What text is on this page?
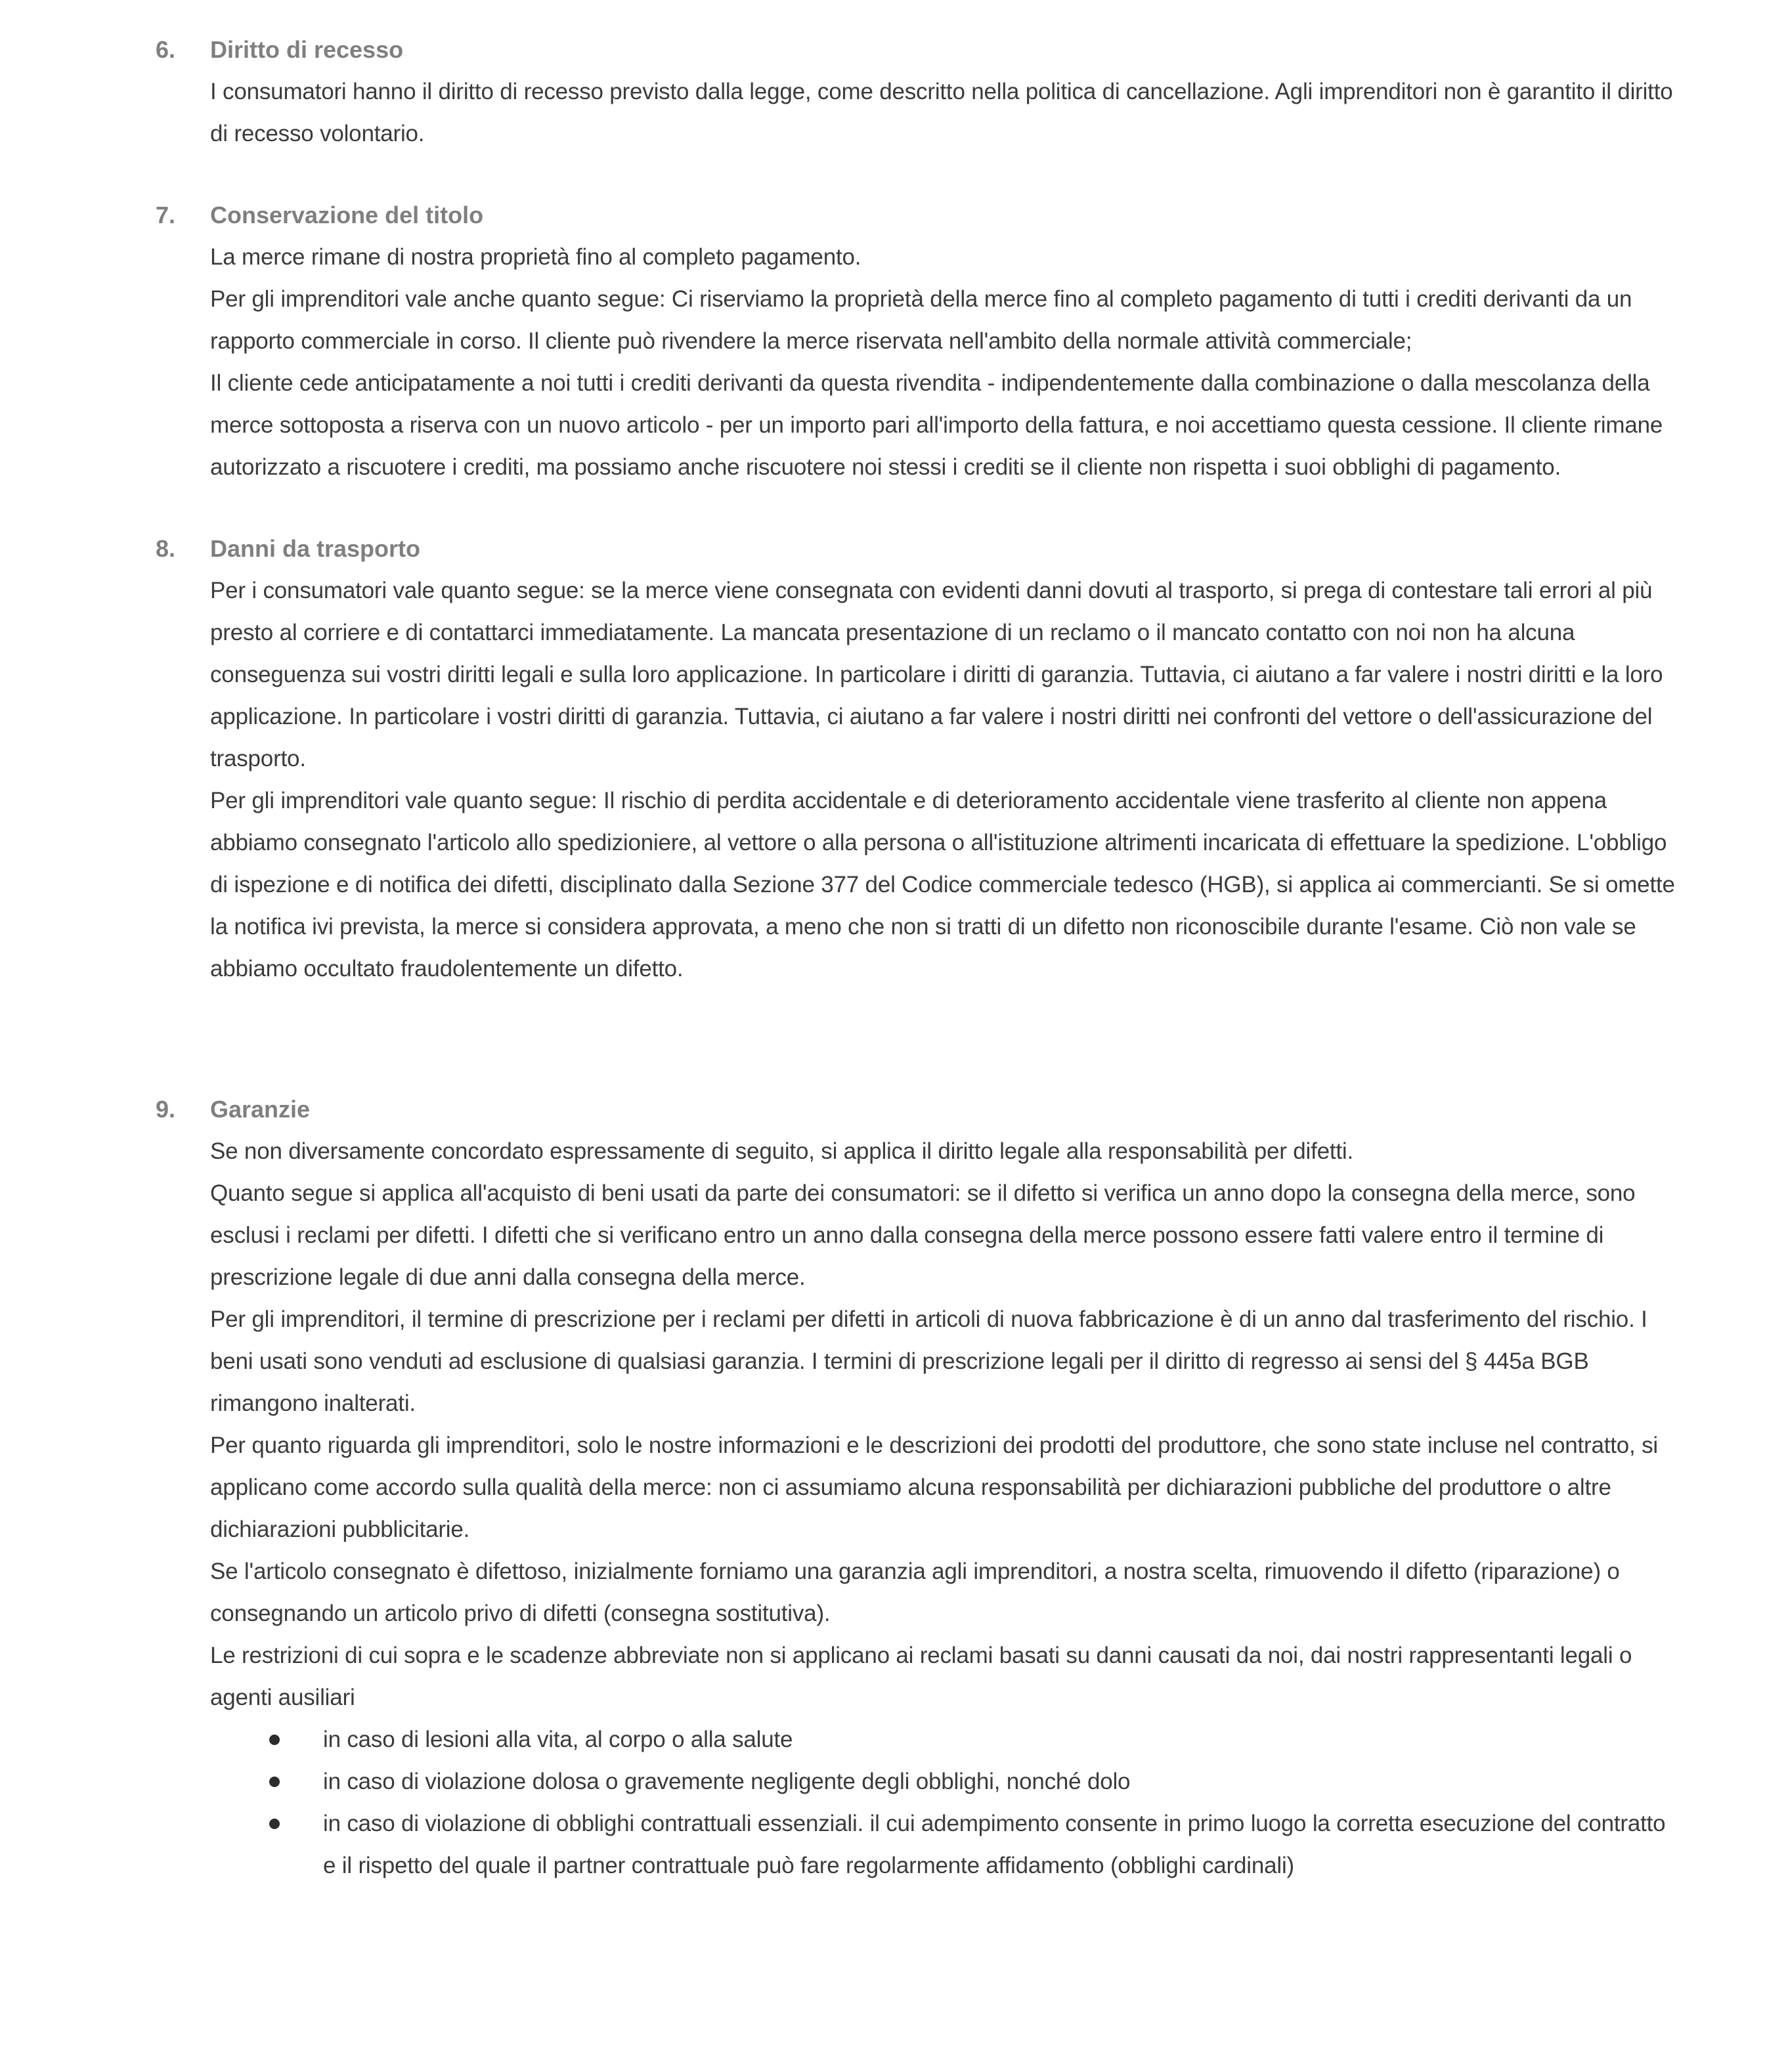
6.	Diritto di recesso

I consumatori hanno il diritto di recesso previsto dalla legge, come descritto nella politica di cancellazione. Agli imprenditori non è garantito il diritto di recesso volontario.

7.	Conservazione del titolo

La merce rimane di nostra proprietà fino al completo pagamento.

Per gli imprenditori vale anche quanto segue: Ci riserviamo la proprietà della merce fino al completo pagamento di tutti i crediti derivanti da un rapporto commerciale in corso. Il cliente può rivendere la merce riservata nell'ambito della normale attività commerciale;

Il cliente cede anticipatamente a noi tutti i crediti derivanti da questa rivendita - indipendentemente dalla combinazione o dalla mescolanza della merce sottoposta a riserva con un nuovo articolo - per un importo pari all'importo della fattura, e noi accettiamo questa cessione. Il cliente rimane autorizzato a riscuotere i crediti, ma possiamo anche riscuotere noi stessi i crediti se il cliente non rispetta i suoi obblighi di pagamento.

8.	Danni da trasporto

Per i consumatori vale quanto segue: se la merce viene consegnata con evidenti danni dovuti al trasporto, si prega di contestare tali errori al più presto al corriere e di contattarci immediatamente. La mancata presentazione di un reclamo o il mancato contatto con noi non ha alcuna conseguenza sui vostri diritti legali e sulla loro applicazione. In particolare i diritti di garanzia. Tuttavia, ci aiutano a far valere i nostri diritti e la loro applicazione. In particolare i vostri diritti di garanzia. Tuttavia, ci aiutano a far valere i nostri diritti nei confronti del vettore o dell'assicurazione del trasporto.

Per gli imprenditori vale quanto segue: Il rischio di perdita accidentale e di deterioramento accidentale viene trasferito al cliente non appena abbiamo consegnato l'articolo allo spedizioniere, al vettore o alla persona o all'istituzione altrimenti incaricata di effettuare la spedizione. L'obbligo di ispezione e di notifica dei difetti, disciplinato dalla Sezione 377 del Codice commerciale tedesco (HGB), si applica ai commercianti. Se si omette la notifica ivi prevista, la merce si considera approvata, a meno che non si tratti di un difetto non riconoscibile durante l'esame. Ciò non vale se abbiamo occultato fraudolentemente un difetto.

9.	Garanzie

Se non diversamente concordato espressamente di seguito, si applica il diritto legale alla responsabilità per difetti.

Quanto segue si applica all'acquisto di beni usati da parte dei consumatori: se il difetto si verifica un anno dopo la consegna della merce, sono esclusi i reclami per difetti. I difetti che si verificano entro un anno dalla consegna della merce possono essere fatti valere entro il termine di prescrizione legale di due anni dalla consegna della merce.

Per gli imprenditori, il termine di prescrizione per i reclami per difetti in articoli di nuova fabbricazione è di un anno dal trasferimento del rischio. I beni usati sono venduti ad esclusione di qualsiasi garanzia. I termini di prescrizione legali per il diritto di regresso ai sensi del § 445a BGB rimangono inalterati.

Per quanto riguarda gli imprenditori, solo le nostre informazioni e le descrizioni dei prodotti del produttore, che sono state incluse nel contratto, si applicano come accordo sulla qualità della merce: non ci assumiamo alcuna responsabilità per dichiarazioni pubbliche del produttore o altre dichiarazioni pubblicitarie.

Se l'articolo consegnato è difettoso, inizialmente forniamo una garanzia agli imprenditori, a nostra scelta, rimuovendo il difetto (riparazione) o consegnando un articolo privo di difetti (consegna sostitutiva).

Le restrizioni di cui sopra e le scadenze abbreviate non si applicano ai reclami basati su danni causati da noi, dai nostri rappresentanti legali o agenti ausiliari

in caso di lesioni alla vita, al corpo o alla salute
in caso di violazione dolosa o gravemente negligente degli obblighi, nonché dolo
in caso di violazione di obblighi contrattuali essenziali. il cui adempimento consente in primo luogo la corretta esecuzione del contratto e il rispetto del quale il partner contrattuale può fare regolarmente affidamento (obblighi cardinali)
